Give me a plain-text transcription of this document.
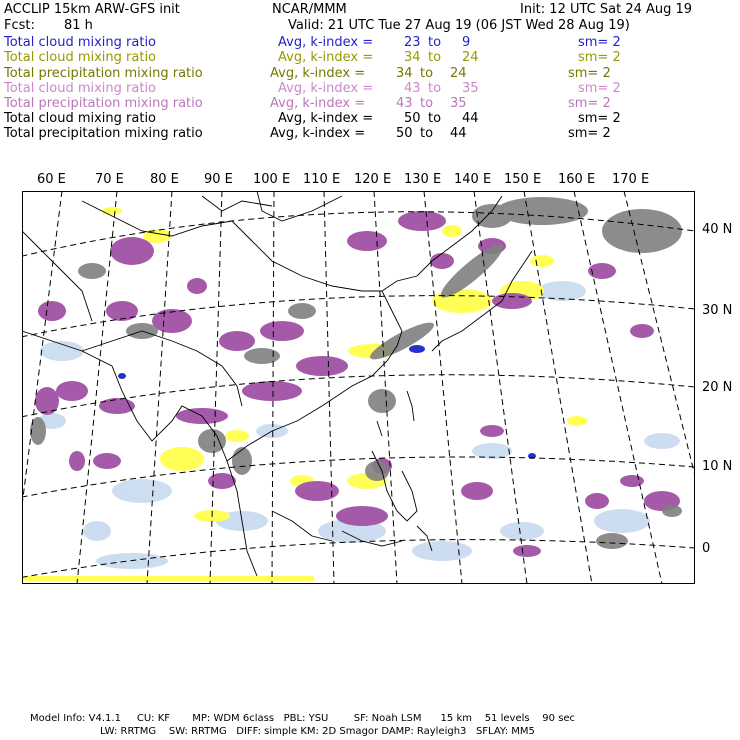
ACCLIP 15km ARW-GFS init	NCAR/MMM	Init: 12 UTC Sat 24 Aug 19
Fcst: 81 h	Valid: 21 UTC Tue 27 Aug 19 (06 JST Wed 28 Aug 19)
Total cloud mixing ratio	Avg, k-index = 23 to 9	sm= 2
Total cloud mixing ratio	Avg, k-index = 34 to 24	sm= 2
Total precipitation mixing ratio	Avg, k-index = 34 to 24	sm= 2
Total cloud mixing ratio	Avg, k-index = 43 to 35	sm= 2
Total precipitation mixing ratio	Avg, k-index = 43 to 35	sm= 2
Total cloud mixing ratio	Avg, k-index = 50 to 44	sm= 2
Total precipitation mixing ratio	Avg, k-index = 50 to 44	sm= 2
60 E 70 E 80 E 90 E 100 E 110 E 120 E 130 E 140 E 150 E 160 E 170 E
40 N
30 N
20 N
10 N
0
Model Info: V4.1.1     CU: KF       MP: WDM 6class   PBL: YSU        SF: Noah LSM      15 km    51 levels    90 sec
LW: RRTMG    SW: RRTMG   DIFF: simple KM: 2D Smagor DAMP: Rayleigh3   SFLAY: MM5
